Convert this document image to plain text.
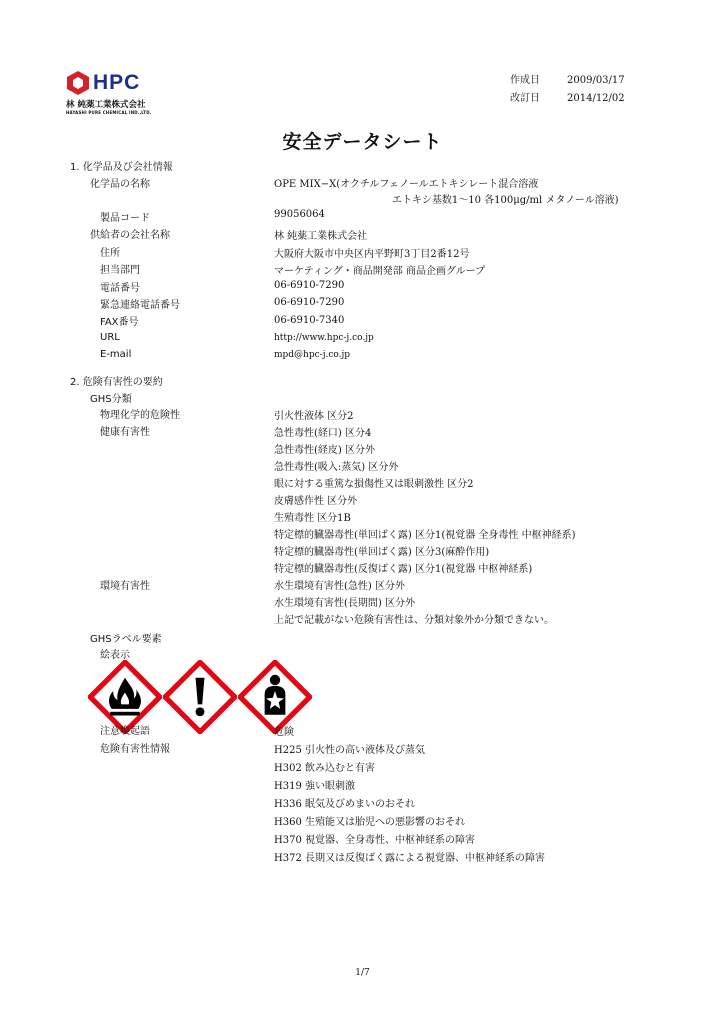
HPC
林 純薬工業株式会社
HAYASHI PURE CHEMICAL IND.,LTD.
作成日	2009/03/17
改訂日	2014/12/02
安全データシート
1. 化学品及び会社情報
化学品の名称	OPE MIX−X(オクチルフェノールエトキシレート混合溶液
エトキシ基数1〜10 各100μg/ml メタノール溶液)
製品コード	99056064
供給者の会社名称	林 純薬工業株式会社
住所	大阪府大阪市中央区内平野町3丁目2番12号
担当部門	マーケティング・商品開発部 商品企画グループ
電話番号	06-6910-7290
緊急連絡電話番号	06-6910-7290
FAX番号	06-6910-7340
URL	http://www.hpc-j.co.jp
E-mail	mpd@hpc-j.co.jp
2. 危険有害性の要約
GHS分類
物理化学的危険性	引火性液体 区分2
健康有害性	急性毒性(経口) 区分4
急性毒性(経皮) 区分外
急性毒性(吸入:蒸気) 区分外
眼に対する重篤な損傷性又は眼刺激性 区分2
皮膚感作性 区分外
生殖毒性 区分1B
特定標的臓器毒性(単回ばく露) 区分1(視覚器 全身毒性 中枢神経系)
特定標的臓器毒性(単回ばく露) 区分3(麻酔作用)
特定標的臓器毒性(反復ばく露) 区分1(視覚器 中枢神経系)
環境有害性	水生環境有害性(急性) 区分外
水生環境有害性(長期間) 区分外
上記で記載がない危険有害性は、分類対象外か分類できない。
GHSラベル要素
絵表示
注意喚起語	危険
危険有害性情報	H225 引火性の高い液体及び蒸気
H302 飲み込むと有害
H319 強い眼刺激
H336 眠気及びめまいのおそれ
H360 生殖能又は胎児への悪影響のおそれ
H370 視覚器、全身毒性、中枢神経系の障害
H372 長期又は反復ばく露による視覚器、中枢神経系の障害
1/7
